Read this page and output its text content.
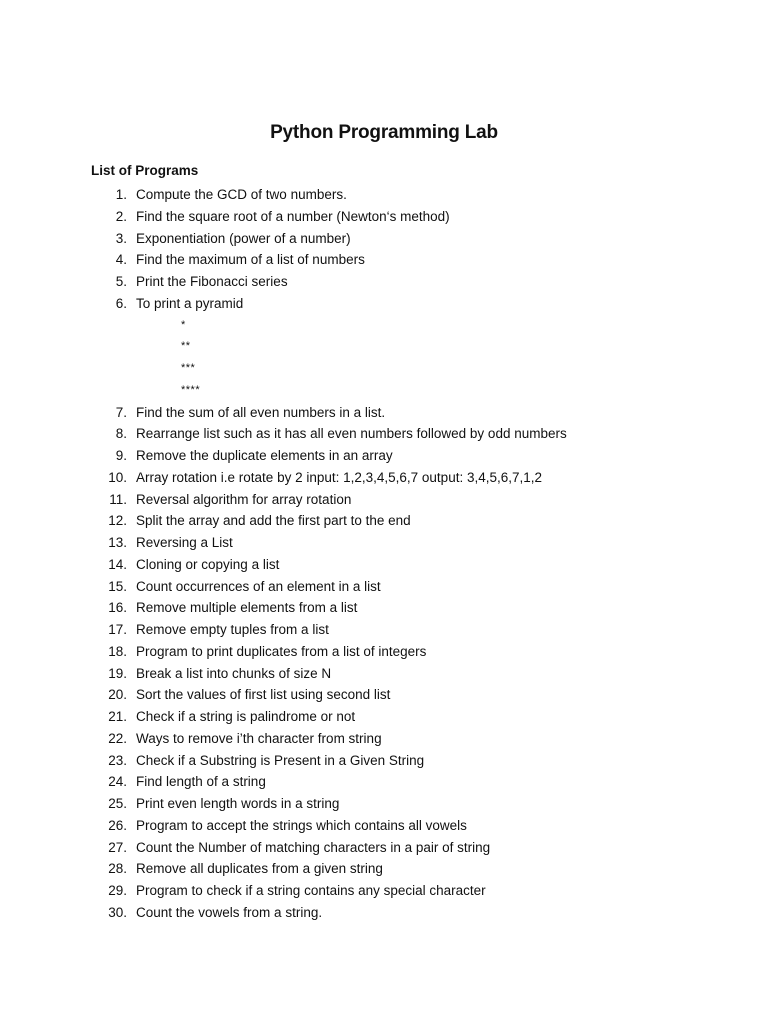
Python Programming Lab
List of Programs
1. Compute the GCD of two numbers.
2. Find the square root of a number (Newton‘s method)
3. Exponentiation (power of a number)
4. Find the maximum of a list of numbers
5. Print the Fibonacci series
6. To print a pyramid
*
**
***
****
7. Find the sum of all even numbers in a list.
8. Rearrange list such as it has all even numbers followed by odd numbers
9. Remove the duplicate elements in an array
10. Array rotation i.e rotate by 2 input: 1,2,3,4,5,6,7 output: 3,4,5,6,7,1,2
11. Reversal algorithm for array rotation
12. Split the array and add the first part to the end
13. Reversing a List
14. Cloning or copying a list
15. Count occurrences of an element in a list
16. Remove multiple elements from a list
17. Remove empty tuples from a list
18. Program to print duplicates from a list of integers
19. Break a list into chunks of size N
20. Sort the values of first list using second list
21. Check if a string is palindrome or not
22. Ways to remove i’th character from string
23. Check if a Substring is Present in a Given String
24. Find length of a string
25. Print even length words in a string
26. Program to accept the strings which contains all vowels
27. Count the Number of matching characters in a pair of string
28. Remove all duplicates from a given string
29. Program to check if a string contains any special character
30. Count the vowels from a string.
